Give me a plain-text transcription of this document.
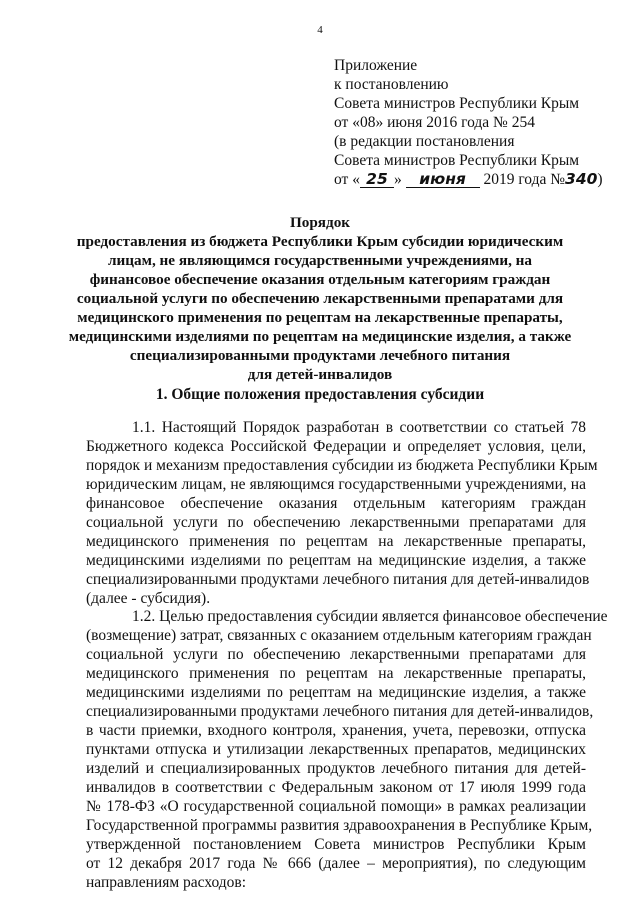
4
Приложение
к постановлению
Совета министров Республики Крым
от «08» июня 2016 года № 254
(в редакции постановления
Совета министров Республики Крым
от « 25 » июня 2019 года №340)
Порядок
предоставления из бюджета Республики Крым субсидии юридическим
лицам, не являющимся государственными учреждениями, на
финансовое обеспечение оказания отдельным категориям граждан
социальной услуги по обеспечению лекарственными препаратами для
медицинского применения по рецептам на лекарственные препараты,
медицинскими изделиями по рецептам на медицинские изделия, а также
специализированными продуктами лечебного питания
для детей-инвалидов
1. Общие положения предоставления субсидии
1.1. Настоящий Порядок разработан в соответствии со статьей 78
Бюджетного кодекса Российской Федерации и определяет условия, цели,
порядок и механизм предоставления субсидии из бюджета Республики Крым
юридическим лицам, не являющимся государственными учреждениями, на
финансовое обеспечение оказания отдельным категориям граждан
социальной услуги по обеспечению лекарственными препаратами для
медицинского применения по рецептам на лекарственные препараты,
медицинскими изделиями по рецептам на медицинские изделия, а также
специализированными продуктами лечебного питания для детей-инвалидов
(далее - субсидия).
1.2. Целью предоставления субсидии является финансовое обеспечение
(возмещение) затрат, связанных с оказанием отдельным категориям граждан
социальной услуги по обеспечению лекарственными препаратами для
медицинского применения по рецептам на лекарственные препараты,
медицинскими изделиями по рецептам на медицинские изделия, а также
специализированными продуктами лечебного питания для детей-инвалидов,
в части приемки, входного контроля, хранения, учета, перевозки, отпуска
пунктами отпуска и утилизации лекарственных препаратов, медицинских
изделий и специализированных продуктов лечебного питания для детей-
инвалидов в соответствии с Федеральным законом от 17 июля 1999 года
№ 178-ФЗ «О государственной социальной помощи» в рамках реализации
Государственной программы развития здравоохранения в Республике Крым,
утвержденной постановлением Совета министров Республики Крым
от 12 декабря 2017 года № 666 (далее – мероприятия), по следующим
направлениям расходов:
